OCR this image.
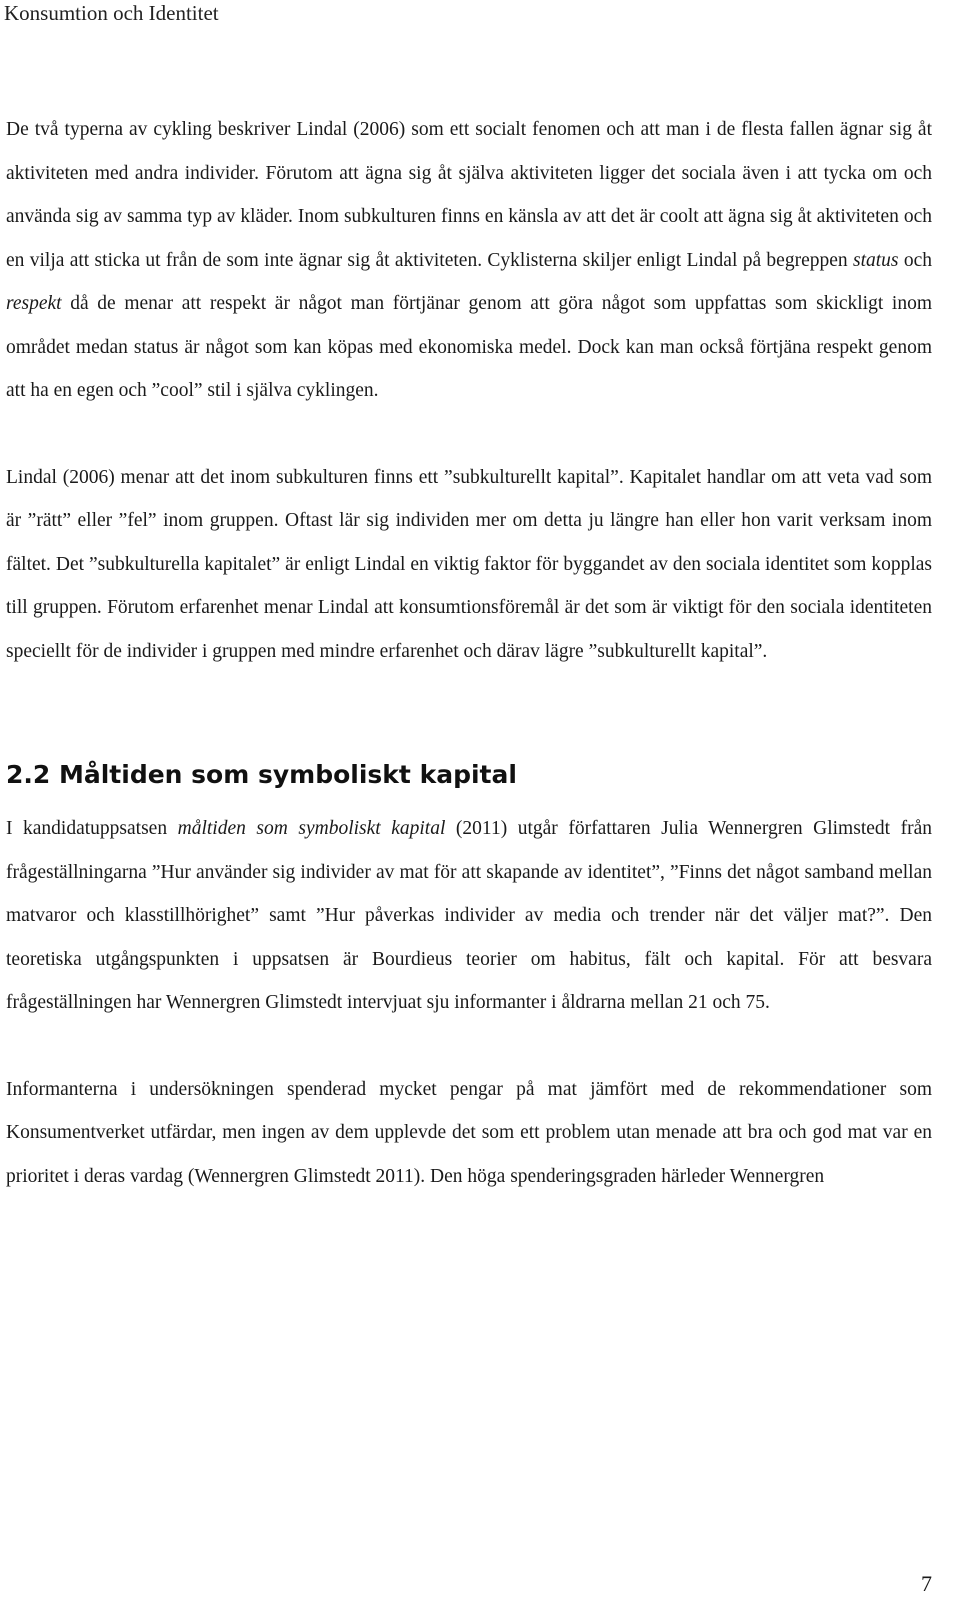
Konsumtion och Identitet

De två typerna av cykling beskriver Lindal (2006) som ett socialt fenomen och att man i de flesta fallen ägnar sig åt aktiviteten med andra individer. Förutom att ägna sig åt själva aktiviteten ligger det sociala även i att tycka om och använda sig av samma typ av kläder. Inom subkulturen finns en känsla av att det är coolt att ägna sig åt aktiviteten och en vilja att sticka ut från de som inte ägnar sig åt aktiviteten. Cyklisterna skiljer enligt Lindal på begreppen status och respekt då de menar att respekt är något man förtjänar genom att göra något som uppfattas som skickligt inom området medan status är något som kan köpas med ekonomiska medel. Dock kan man också förtjäna respekt genom att ha en egen och ”cool” stil i själva cyklingen.

Lindal (2006) menar att det inom subkulturen finns ett ”subkulturellt kapital”. Kapitalet handlar om att veta vad som är ”rätt” eller ”fel” inom gruppen. Oftast lär sig individen mer om detta ju längre han eller hon varit verksam inom fältet. Det ”subkulturella kapitalet” är enligt Lindal en viktig faktor för byggandet av den sociala identitet som kopplas till gruppen. Förutom erfarenhet menar Lindal att konsumtionsföremål är det som är viktigt för den sociala identiteten speciellt för de individer i gruppen med mindre erfarenhet och därav lägre ”subkulturellt kapital”.

2.2 Måltiden som symboliskt kapital

I kandidatuppsatsen måltiden som symboliskt kapital (2011) utgår författaren Julia Wennergren Glimstedt från frågeställningarna ”Hur använder sig individer av mat för att skapande av identitet”, ”Finns det något samband mellan matvaror och klasstillhörighet” samt ”Hur påverkas individer av media och trender när det väljer mat?”. Den teoretiska utgångspunkten i uppsatsen är Bourdieus teorier om habitus, fält och kapital. För att besvara frågeställningen har Wennergren Glimstedt intervjuat sju informanter i åldrarna mellan 21 och 75.

Informanterna i undersökningen spenderad mycket pengar på mat jämfört med de rekommendationer som Konsumentverket utfärdar, men ingen av dem upplevde det som ett problem utan menade att bra och god mat var en prioritet i deras vardag (Wennergren Glimstedt 2011). Den höga spenderingsgraden härleder Wennergren

7
